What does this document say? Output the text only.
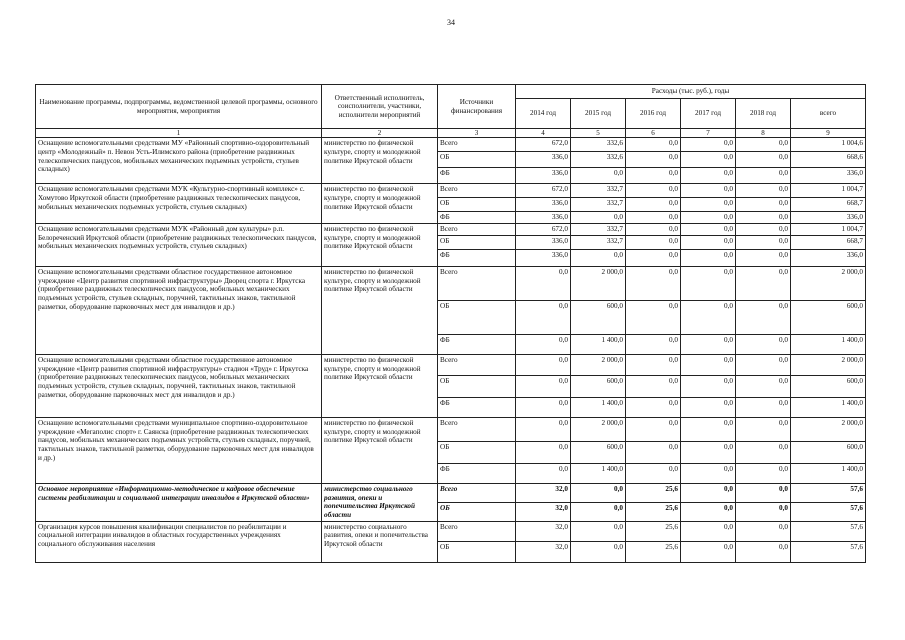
34
Наименование программы, подпрограммы, ведомственной целевой программы, основного мероприятия, мероприятия	Ответственный исполнитель, соисполнители, участники, исполнители мероприятий	Источники финансирования	Расходы (тыс. руб.), годы					
			2014 год	2015 год	2016 год	2017 год	2018 год	всего
1	2	3	4	5	6	7	8	9
Оснащение вспомогательными средствами МУ «Районный спортивно-оздоровительный центр «Молодежный» п. Невон Усть-Илимского района (приобретение раздвижных телескопических пандусов, мобильных механических подъемных устройств, стульев складных)	министерство по физической культуре, спорту и молодежной политике Иркутской области	Всего	672,0	332,6	0,0	0,0	0,0	1 004,6
		ОБ	336,0	332,6	0,0	0,0	0,0	668,6
		ФБ	336,0	0,0	0,0	0,0	0,0	336,0
Оснащение вспомогательными средствами МУК «Культурно-спортивный комплекс» с. Хомутово Иркутской области (приобретение раздвижных телескопических пандусов, мобильных механических подъемных устройств, стульев складных)	министерство по физической культуре, спорту и молодежной политике Иркутской области	Всего	672,0	332,7	0,0	0,0	0,0	1 004,7
		ОБ	336,0	332,7	0,0	0,0	0,0	668,7
		ФБ	336,0	0,0	0,0	0,0	0,0	336,0
Оснащение вспомогательными средствами МУК «Районный дом культуры» р.п. Белореченский Иркутской области (приобретение раздвижных телескопических пандусов, мобильных механических подъемных устройств, стульев складных)	министерство по физической культуре, спорту и молодежной политике Иркутской области	Всего	672,0	332,7	0,0	0,0	0,0	1 004,7
		ОБ	336,0	332,7	0,0	0,0	0,0	668,7
		ФБ	336,0	0,0	0,0	0,0	0,0	336,0
Оснащение вспомогательными средствами областное государственное автономное учреждение «Центр развития спортивной инфраструктуры» Дворец спорта г. Иркутска (приобретение раздвижных телескопических пандусов, мобильных механических подъемных устройств, стульев складных, поручней, тактильных знаков, тактильной разметки, оборудование парковочных мест для инвалидов и др.)	министерство по физической культуре, спорту и молодежной политике Иркутской области	Всего	0,0	2 000,0	0,0	0,0	0,0	2 000,0
		ОБ	0,0	600,0	0,0	0,0	0,0	600,0
		ФБ	0,0	1 400,0	0,0	0,0	0,0	1 400,0
Оснащение вспомогательными средствами областное государственное автономное учреждение «Центр развития спортивной инфраструктуры» стадион «Труд» г. Иркутска (приобретение раздвижных телескопических пандусов, мобильных механических подъемных устройств, стульев складных, поручней, тактильных знаков, тактильной разметки, оборудование парковочных мест для инвалидов и др.)	министерство по физической культуре, спорту и молодежной политике Иркутской области	Всего	0,0	2 000,0	0,0	0,0	0,0	2 000,0
		ОБ	0,0	600,0	0,0	0,0	0,0	600,0
		ФБ	0,0	1 400,0	0,0	0,0	0,0	1 400,0
Оснащение вспомогательными средствами муниципальное спортивно-оздоровительное учреждение «Мегаполис спорт» г. Саянска (приобретение раздвижных телескопических пандусов, мобильных механических подъемных устройств, стульев складных, поручней, тактильных знаков, тактильной разметки, оборудование парковочных мест для инвалидов и др.)	министерство по физической культуре, спорту и молодежной политике Иркутской области	Всего	0,0	2 000,0	0,0	0,0	0,0	2 000,0
		ОБ	0,0	600,0	0,0	0,0	0,0	600,0
		ФБ	0,0	1 400,0	0,0	0,0	0,0	1 400,0
Основное мероприятие «Информационно-методическое и кадровое обеспечение системы реабилитации и социальной интеграции инвалидов в Иркутской области»	министерство социального развития, опеки и попечительства Иркутской области	Всего	32,0	0,0	25,6	0,0	0,0	57,6
		ОБ	32,0	0,0	25,6	0,0	0,0	57,6
Организация курсов повышения квалификации специалистов по реабилитации и социальной интеграции инвалидов в областных государственных учреждениях социального обслуживания населения	министерство социального развития, опеки и попечительства Иркутской области	Всего	32,0	0,0	25,6	0,0	0,0	57,6
		ОБ	32,0	0,0	25,6	0,0	0,0	57,6
